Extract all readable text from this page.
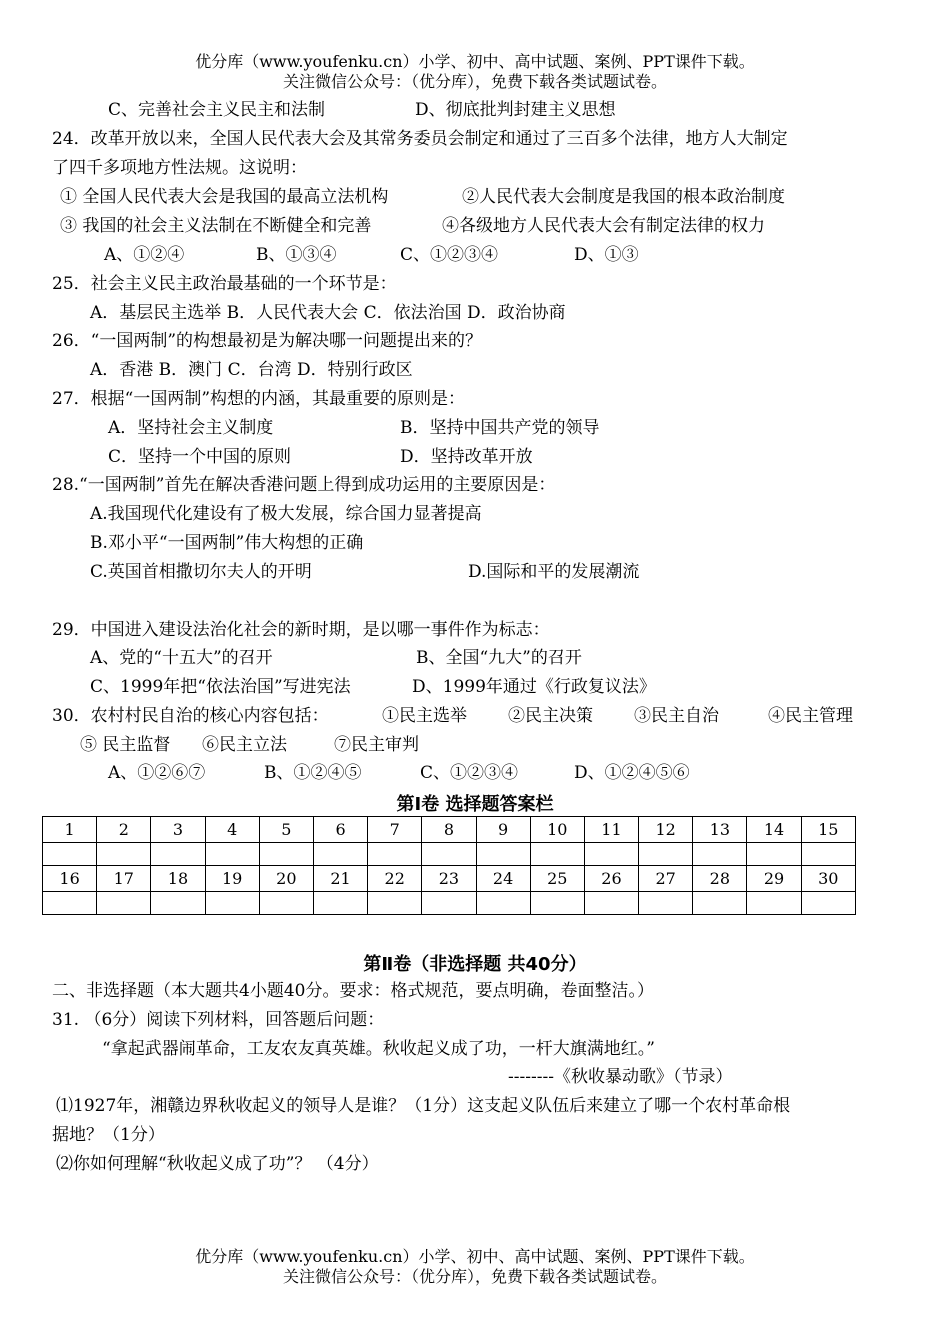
优分库（www.youfenku.cn）小学、初中、高中试题、案例、PPT课件下载。
关注微信公众号：（优分库），免费下载各类试题试卷。
C、完善社会主义民主和法制	D、彻底批判封建主义思想
24．改革开放以来，全国人民代表大会及其常务委员会制定和通过了三百多个法律，地方人大制定
了四千多项地方性法规。这说明：
① 全国人民代表大会是我国的最高立法机构	②人民代表大会制度是我国的根本政治制度
③ 我国的社会主义法制在不断健全和完善	④各级地方人民代表大会有制定法律的权力
A、①②④	B、①③④	C、①②③④	D、①③
25．社会主义民主政治最基础的一个环节是：
A．基层民主选举 B．人民代表大会 C．依法治国 D．政治协商
26．“一国两制”的构想最初是为解决哪一问题提出来的？
A．香港 B．澳门 C．台湾 D．特别行政区
27．根据“一国两制”构想的内涵，其最重要的原则是：
A．坚持社会主义制度	B．坚持中国共产党的领导
C．坚持一个中国的原则	D．坚持改革开放
28.“一国两制”首先在解决香港问题上得到成功运用的主要原因是：
A.我国现代化建设有了极大发展，综合国力显著提高
B.邓小平“一国两制”伟大构想的正确
C.英国首相撒切尔夫人的开明	D.国际和平的发展潮流
29．中国进入建设法治化社会的新时期，是以哪一事件作为标志：
A、党的“十五大”的召开	B、全国“九大”的召开
C、1999年把“依法治国”写进宪法	D、1999年通过《行政复议法》
30．农村村民自治的核心内容包括：	①民主选举 ②民主决策 ③民主自治	④民主管理
⑤ 民主监督 ⑥民主立法	⑦民主审判
A、①②⑥⑦	B、①②④⑤	C、①②③④	D、①②④⑤⑥
第Ⅰ卷 选择题答案栏
1	2	3	4	5	6	7	8	9	10	11	12	13	14	15

16	17	18	19	20	21	22	23	24	25	26	27	28	29	30

第Ⅱ卷（非选择题 共40分）
二、非选择题（本大题共4小题40分。要求：格式规范，要点明确，卷面整洁。）
31. （6分）阅读下列材料，回答题后问题：
“拿起武器闹革命，工友农友真英雄。秋收起义成了功，一杆大旗满地红。”
--------《秋收暴动歌》（节录）
⑴1927年，湘赣边界秋收起义的领导人是谁？（1分）这支起义队伍后来建立了哪一个农村革命根
据地？（1分）
⑵你如何理解“秋收起义成了功”？ （4分）
优分库（www.youfenku.cn）小学、初中、高中试题、案例、PPT课件下载。
关注微信公众号：（优分库），免费下载各类试题试卷。
